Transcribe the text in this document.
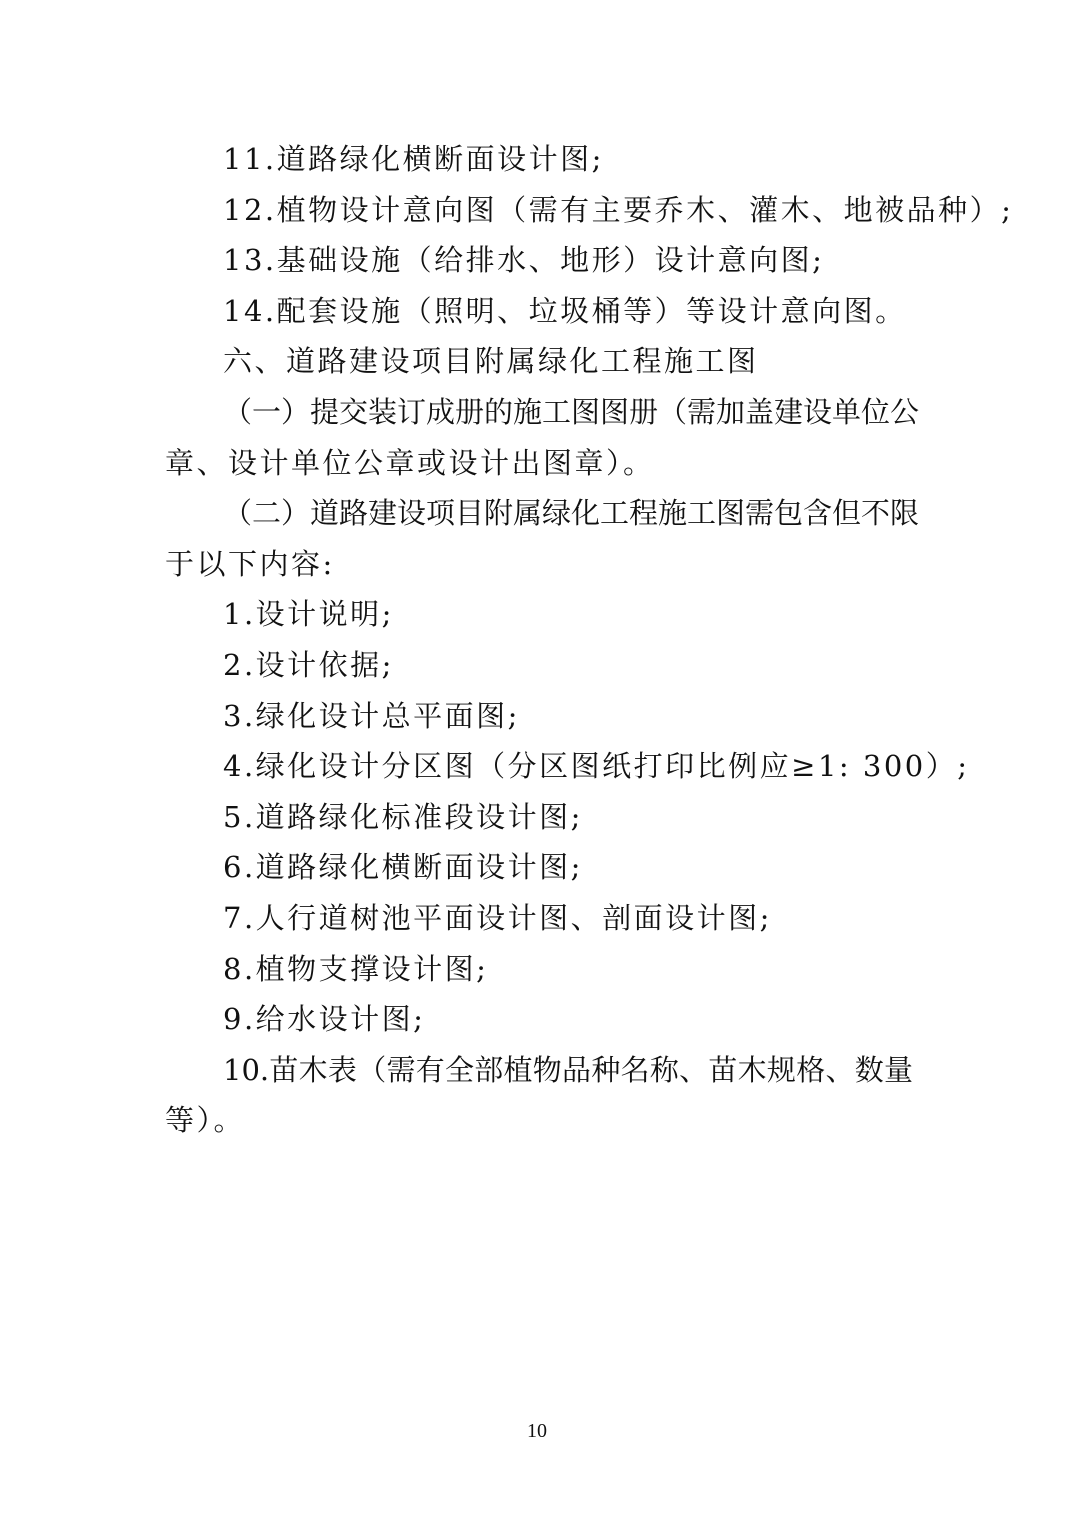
11.道路绿化横断面设计图;
12.植物设计意向图（需有主要乔木、灌木、地被品种）;
13.基础设施（给排水、地形）设计意向图;
14.配套设施（照明、垃圾桶等）等设计意向图。
六、道路建设项目附属绿化工程施工图
（一）提交装订成册的施工图图册（需加盖建设单位公
章、设计单位公章或设计出图章）。
（二）道路建设项目附属绿化工程施工图需包含但不限
于以下内容:
1.设计说明;
2.设计依据;
3.绿化设计总平面图;
4.绿化设计分区图（分区图纸打印比例应≥1: 300）;
5.道路绿化标准段设计图;
6.道路绿化横断面设计图;
7.人行道树池平面设计图、剖面设计图;
8.植物支撑设计图;
9.给水设计图;
10.苗木表（需有全部植物品种名称、苗木规格、数量
等）。
10
